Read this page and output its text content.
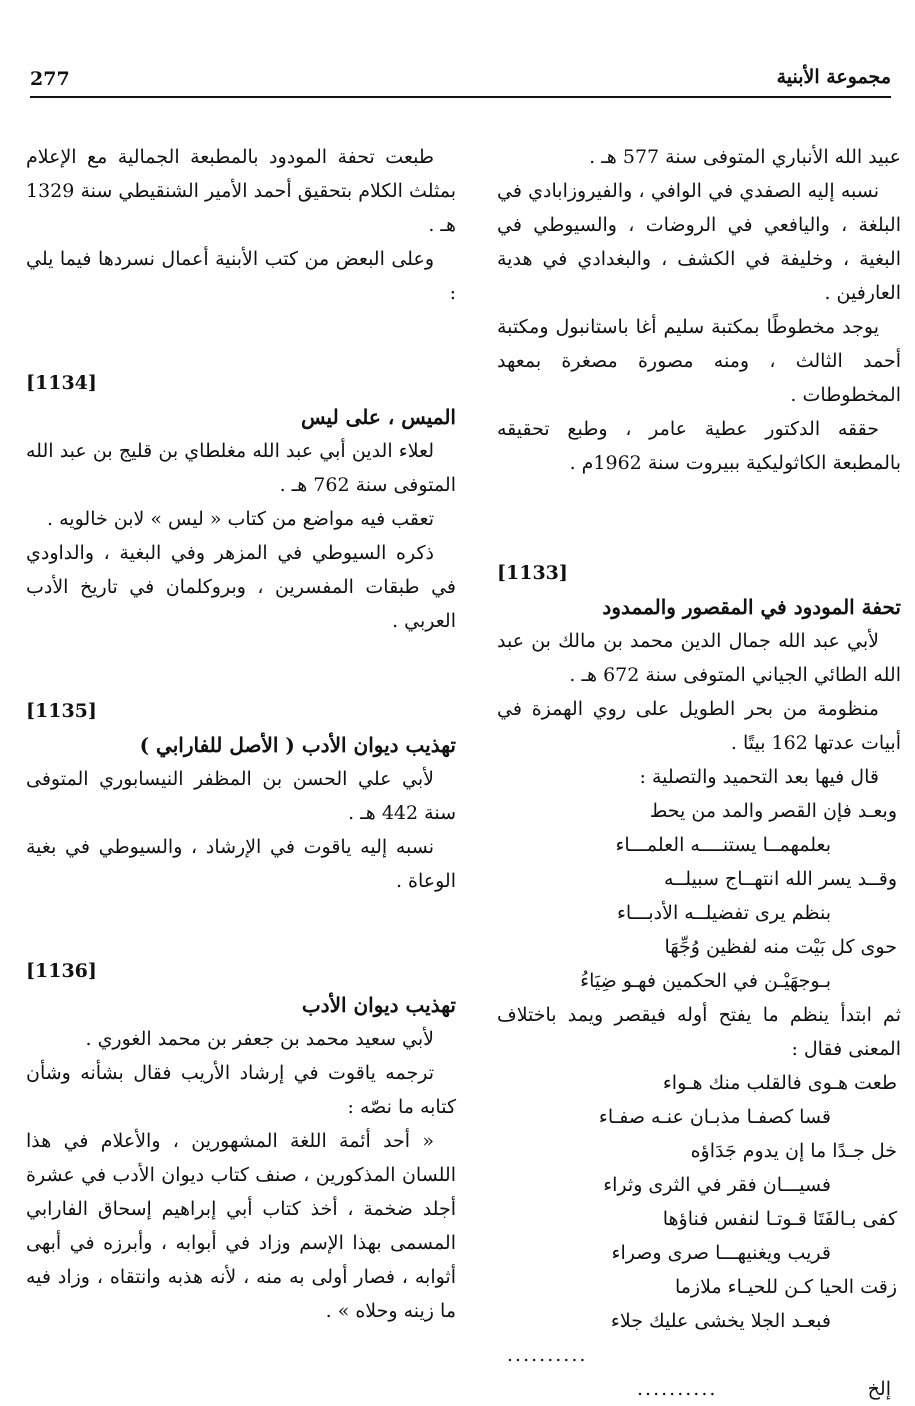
مجموعة الأبنية
277
عبيد الله الأنباري المتوفى سنة 577 هـ .
نسبه إليه الصفدي في الوافي ، والفيروزابادي في البلغة ، واليافعي في الروضات ، والسيوطي في البغية ، وخليفة في الكشف ، والبغدادي في هدية العارفين .
يوجد مخطوطًا بمكتبة سليم أغا باستانبول ومكتبة أحمد الثالث ، ومنه مصورة مصغرة بمعهد المخطوطات .
حققه الدكتور عطية عامر ، وطبع تحقيقه بالمطبعة الكاثوليكية ببيروت سنة 1962م .
[1133]
تحفة المودود في المقصور والممدود
لأبي عبد الله جمال الدين محمد بن مالك بن عبد الله الطائي الجياني المتوفى سنة 672 هـ .
منظومة من بحر الطويل على روي الهمزة في أبيات عدتها 162 بيتًا .
قال فيها بعد التحميد والتصلية :
وبعـد فإن القصر والمد من يحط
بعلمهمــا يستنــــه العلمـــاء
وقــد يسر الله انتهــاج سبيلــه
بنظم يرى تفضيلــه الأدبـــاء
حوى كل بَيْت منه لفظين وُجِّهَا
بـوجهَيْـن في الحكمين فهـو ضِيَاءُ
ثم ابتدأ ينظم ما يفتح أوله فيقصر ويمد باختلاف المعنى فقال :
طعت هـوى فالقلب منك هـواء
قسا كصفـا مذبـان عنـه صفـاء
خل جـدًا ما إن يدوم جَدَاؤه
فسيـــان فقر في الثرى وثراء
كفى بـالفَتَا قـوتـا لنفس فناؤها
قريب ويغنيهـــا صرى وصراء
زقت الحيا كـن للحيـاء ملازما
فبعـد الجلا يخشى عليك جلاء
..........
إلخ
..........
طبعت تحفة المودود بالمطبعة الجمالية مع الإعلام بمثلث الكلام بتحقيق أحمد الأمير الشنقيطي سنة 1329 هـ .
وعلى البعض من كتب الأبنية أعمال نسردها فيما يلي :
[1134]
الميس ، على ليس
لعلاء الدين أبي عبد الله مغلطاي بن قليج بن عبد الله المتوفى سنة 762 هـ .
تعقب فيه مواضع من كتاب « ليس » لابن خالويه .
ذكره السيوطي في المزهر وفي البغية ، والداودي في طبقات المفسرين ، وبروكلمان في تاريخ الأدب العربي .
[1135]
تهذيب ديوان الأدب ( الأصل للفارابي )
لأبي علي الحسن بن المظفر النيسابوري المتوفى سنة 442 هـ .
نسبه إليه ياقوت في الإرشاد ، والسيوطي في بغية الوعاة .
[1136]
تهذيب ديوان الأدب
لأبي سعيد محمد بن جعفر بن محمد الغوري .
ترجمه ياقوت في إرشاد الأريب فقال بشأنه وشأن كتابه ما نصّه :
« أحد أئمة اللغة المشهورين ، والأعلام في هذا اللسان المذكورين ، صنف كتاب ديوان الأدب في عشرة أجلد ضخمة ، أخذ كتاب أبي إبراهيم إسحاق الفارابي المسمى بهذا الإسم وزاد في أبوابه ، وأبرزه في أبهى أثوابه ، فصار أولى به منه ، لأنه هذبه وانتقاه ، وزاد فيه ما زينه وحلاه » .
